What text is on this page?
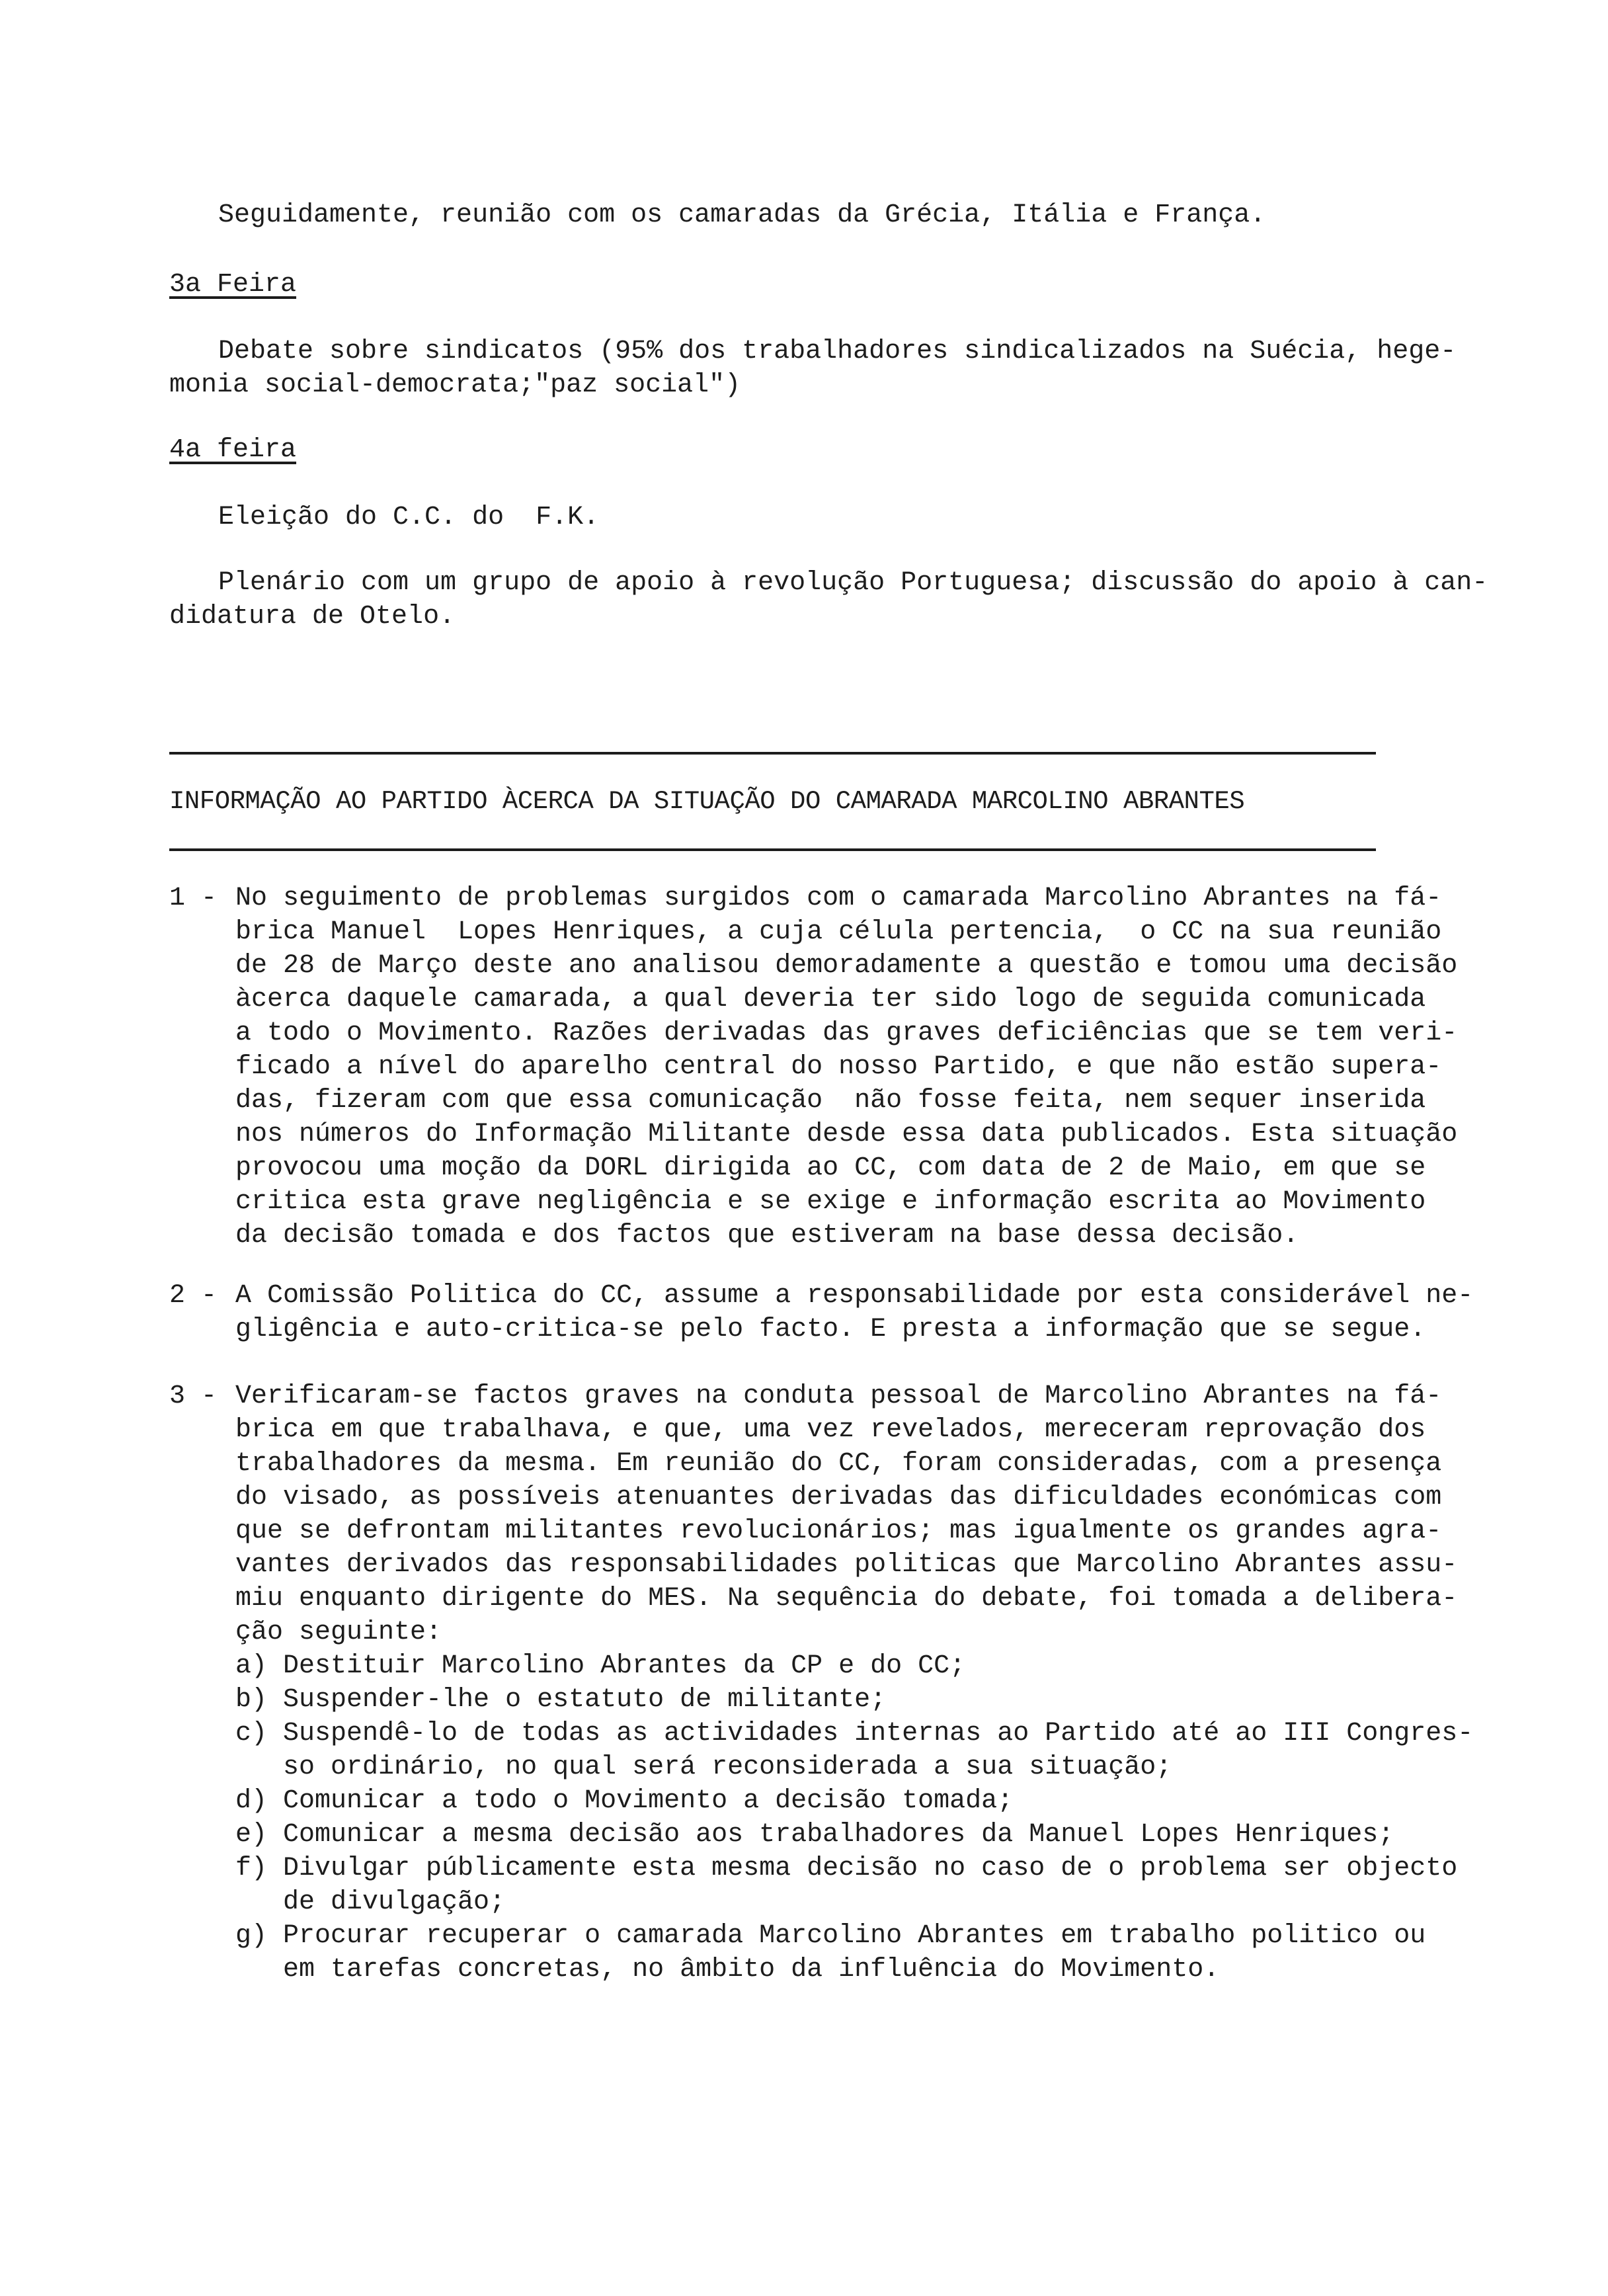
Seguidamente, reunião com os camaradas da Grécia, Itália e França.

3a Feira

Debate sobre sindicatos (95% dos trabalhadores sindicalizados na Suécia, hege-
monia social-democrata;"paz social")

4a feira

Eleição do C.C. do  F.K.

Plenário com um grupo de apoio à revolução Portuguesa; discussão do apoio à can-
didatura de Otelo.

INFORMAÇÃO AO PARTIDO ÀCERCA DA SITUAÇÃO DO CAMARADA MARCOLINO ABRANTES

1 - No seguimento de problemas surgidos com o camarada Marcolino Abrantes na fá-
brica Manuel  Lopes Henriques, a cuja célula pertencia,  o CC na sua reunião
de 28 de Março deste ano analisou demoradamente a questão e tomou uma decisão
àcerca daquele camarada, a qual deveria ter sido logo de seguida comunicada
a todo o Movimento. Razões derivadas das graves deficiências que se tem veri-
ficado a nível do aparelho central do nosso Partido, e que não estão supera-
das, fizeram com que essa comunicação  não fosse feita, nem sequer inserida
nos números do Informação Militante desde essa data publicados. Esta situação
provocou uma moção da DORL dirigida ao CC, com data de 2 de Maio, em que se
critica esta grave negligência e se exige e informação escrita ao Movimento
da decisão tomada e dos factos que estiveram na base dessa decisão.
2 - A Comissão Politica do CC, assume a responsabilidade por esta considerável ne-
gligência e auto-critica-se pelo facto. E presta a informação que se segue.
3 - Verificaram-se factos graves na conduta pessoal de Marcolino Abrantes na fá-
brica em que trabalhava, e que, uma vez revelados, mereceram reprovação dos
trabalhadores da mesma. Em reunião do CC, foram consideradas, com a presença
do visado, as possíveis atenuantes derivadas das dificuldades económicas com
que se defrontam militantes revolucionários; mas igualmente os grandes agra-
vantes derivados das responsabilidades politicas que Marcolino Abrantes assu-
miu enquanto dirigente do MES. Na sequência do debate, foi tomada a delibera-
ção seguinte:
a) Destituir Marcolino Abrantes da CP e do CC;
b) Suspender-lhe o estatuto de militante;
c) Suspendê-lo de todas as actividades internas ao Partido até ao III Congres-
so ordinário, no qual será reconsiderada a sua situação;
d) Comunicar a todo o Movimento a decisão tomada;
e) Comunicar a mesma decisão aos trabalhadores da Manuel Lopes Henriques;
f) Divulgar públicamente esta mesma decisão no caso de o problema ser objecto
de divulgação;
g) Procurar recuperar o camarada Marcolino Abrantes em trabalho politico ou
em tarefas concretas, no âmbito da influência do Movimento.
